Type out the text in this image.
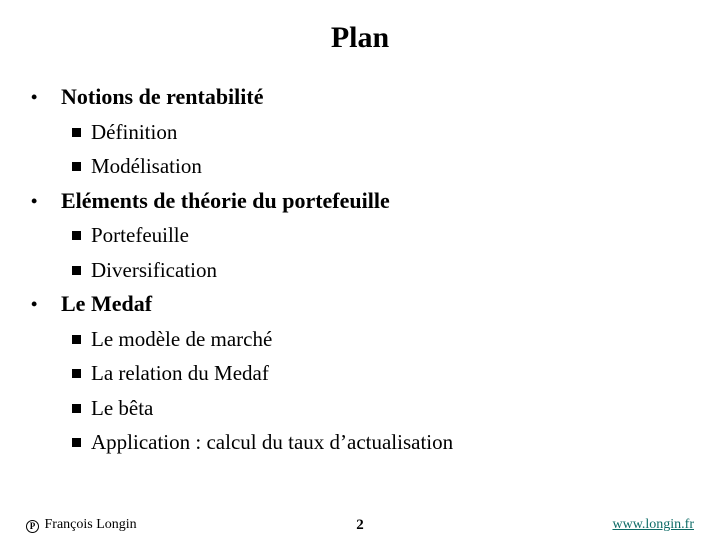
Plan
• Notions de rentabilité
Définition
Modélisation
• Eléments de théorie du portefeuille
Portefeuille
Diversification
• Le Medaf
Le modèle de marché
La relation du Medaf
Le bêta
Application : calcul du taux d’actualisation
P François Longin	2	www.longin.fr
